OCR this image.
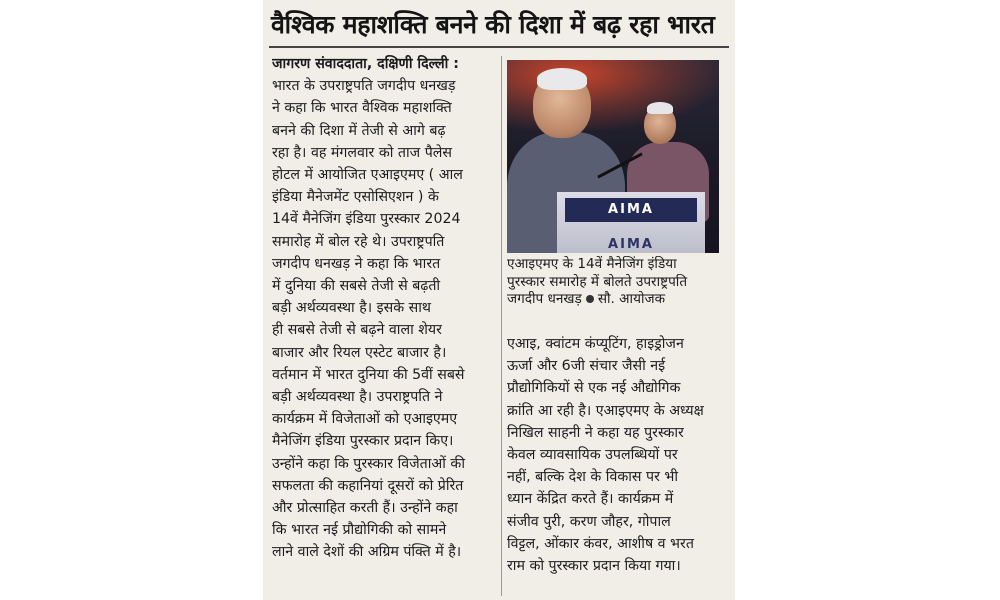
वैश्विक महाशक्ति बनने की दिशा में बढ़ रहा भारत
जागरण संवाददाता, दक्षिणी दिल्ली :
भारत के उपराष्ट्रपति जगदीप धनखड़
ने कहा कि भारत वैश्विक महाशक्ति
बनने की दिशा में तेजी से आगे बढ़
रहा है। वह मंगलवार को ताज पैलेस
होटल में आयोजित एआइएमए ( आल
इंडिया मैनेजमेंट एसोसिएशन ) के
14वें मैनेजिंग इंडिया पुरस्कार 2024
समारोह में बोल रहे थे। उपराष्ट्रपति
जगदीप धनखड़ ने कहा कि भारत
में दुनिया की सबसे तेजी से बढ़ती
बड़ी अर्थव्यवस्था है। इसके साथ
ही सबसे तेजी से बढ़ने वाला शेयर
बाजार और रियल एस्टेट बाजार है।
वर्तमान में भारत दुनिया की 5वीं सबसे
बड़ी अर्थव्यवस्था है। उपराष्ट्रपति ने
कार्यक्रम में विजेताओं को एआइएमए
मैनेजिंग इंडिया पुरस्कार प्रदान किए।
उन्होंने कहा कि पुरस्कार विजेताओं की
सफलता की कहानियां दूसरों को प्रेरित
और प्रोत्साहित करती हैं। उन्होंने कहा
कि भारत नई प्रौद्योगिकी को सामने
लाने वाले देशों की अग्रिम पंक्ति में है।
AIMA
AIMA
एआइएमए के 14वें मैनेजिंग इंडिया
पुरस्कार समारोह में बोलते उपराष्ट्रपति
जगदीप धनखड़ सौ. आयोजक
एआइ, क्वांटम कंप्यूटिंग, हाइड्रोजन
ऊर्जा और 6जी संचार जैसी नई
प्रौद्योगिकियों से एक नई औद्योगिक
क्रांति आ रही है। एआइएमए के अध्यक्ष
निखिल साहनी ने कहा यह पुरस्कार
केवल व्यावसायिक उपलब्धियों पर
नहीं, बल्कि देश के विकास पर भी
ध्यान केंद्रित करते हैं। कार्यक्रम में
संजीव पुरी, करण जौहर, गोपाल
विट्टल, ओंकार कंवर, आशीष व भरत
राम को पुरस्कार प्रदान किया गया।
